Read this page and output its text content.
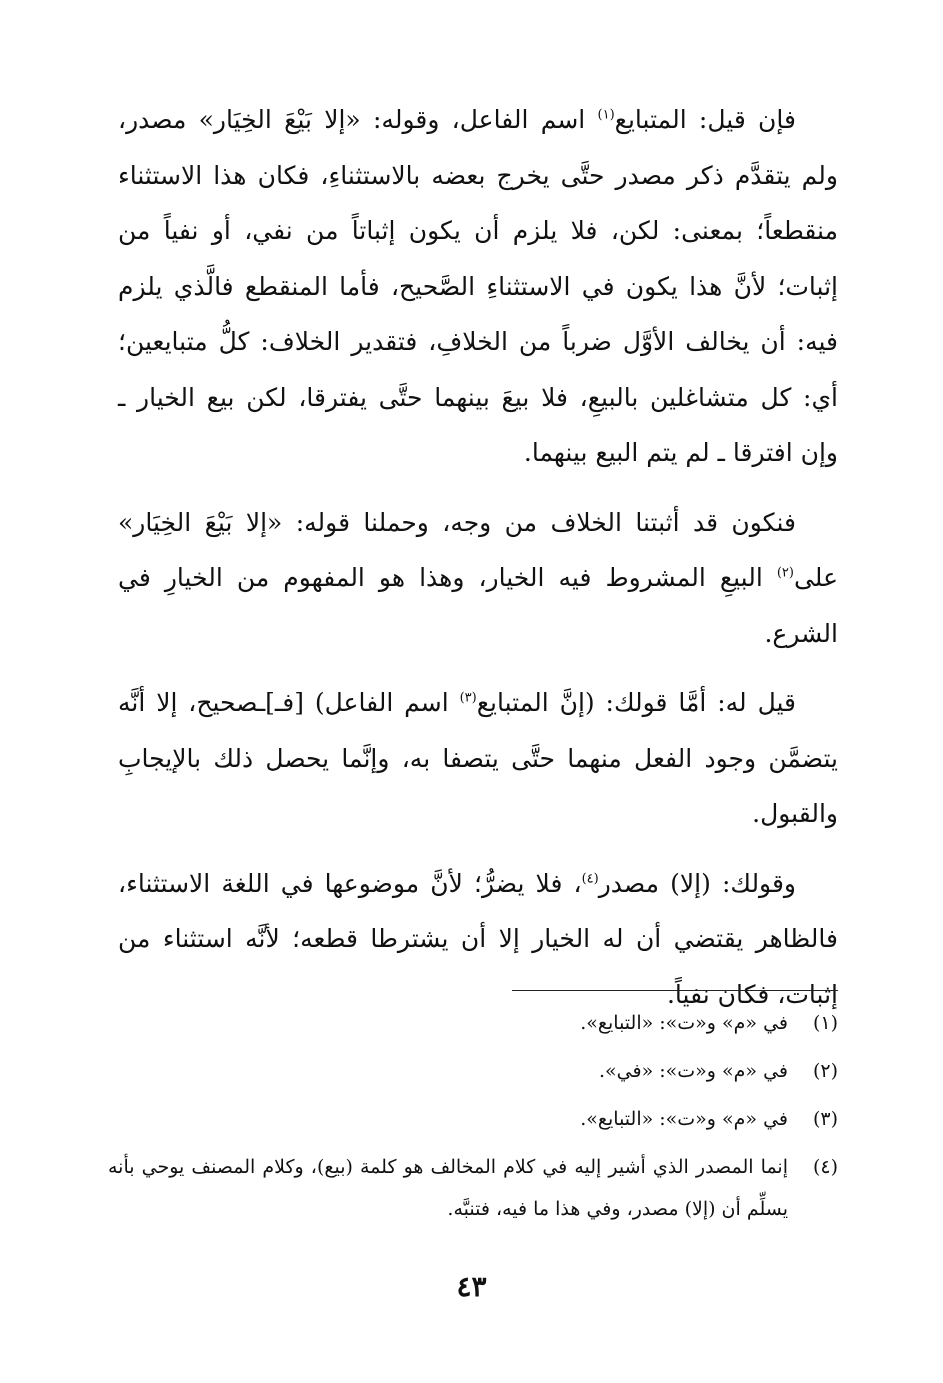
فإن قيل: المتبايع$^{(١)}$ اسم الفاعل، وقوله: «إلا بَيْعَ الخِيَار» مصدر، ولم يتقدَّم ذكر مصدر حتَّى يخرج بعضه بالاستثناءِ، فكان هذا الاستثناء منقطعاً؛ بمعنى: لكن، فلا يلزم أن يكون إثباتاً من نفي، أو نفياً من إثبات؛ لأنَّ هذا يكون في الاستثناءِ الصَّحيح، فأما المنقطع فالَّذي يلزم فيه: أن يخالف الأوَّل ضرباً من الخلافِ، فتقدير الخلاف: كلُّ متبايعين؛ أي: كل متشاغلين بالبيعِ، فلا بيعَ بينهما حتَّى يفترقا، لكن بيع الخيار ـ وإن افترقا ـ لم يتم البيع بينهما.

فنكون قد أثبتنا الخلاف من وجه، وحملنا قوله: «إلا بَيْعَ الخِيَار» على$^{(٢)}$ البيعِ المشروط فيه الخيار، وهذا هو المفهوم من الخيارِ في الشرع.

قيل له: أمَّا قولك: (إنَّ المتبايع$^{(٣)}$ اسم الفاعل) [فـ]ـصحيح، إلا أنَّه يتضمَّن وجود الفعل منهما حتَّى يتصفا به، وإنَّما يحصل ذلك بالإيجابِ والقبول.

وقولك: (إلا) مصدر$^{(٤)}$، فلا يضرُّ؛ لأنَّ موضوعها في اللغة الاستثناء، فالظاهر يقتضي أن له الخيار إلا أن يشترطا قطعه؛ لأنَّه استثناء من إثبات، فكان نفياً.

(١)
في «م» و«ت»: «التبايع».
(٢)
في «م» و«ت»: «في».
(٣)
في «م» و«ت»: «التبايع».
(٤)
إنما المصدر الذي أشير إليه في كلام المخالف هو كلمة (بيع)، وكلام المصنف يوحي بأنه يسلِّم أن (إلا) مصدر، وفي هذا ما فيه، فتنبَّه.
٤٣
